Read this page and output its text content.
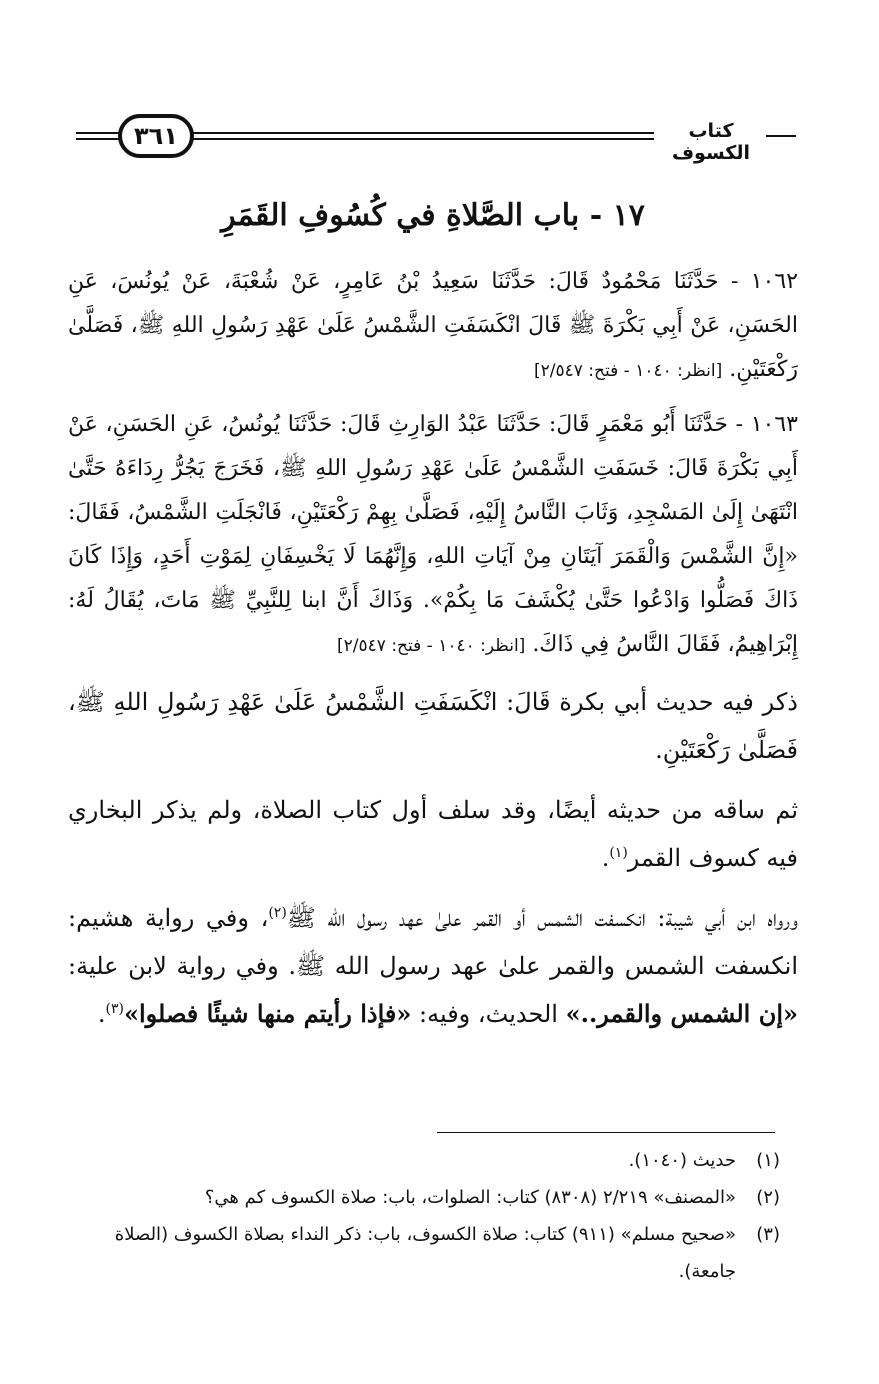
٣٦١	كتاب الكسوف
١٧ - باب الصَّلاةِ في كُسُوفِ القَمَرِ

١٠٦٢ - حَدَّثَنَا مَحْمُودٌ قَالَ: حَدَّثَنَا سَعِيدُ بْنُ عَامِرٍ، عَنْ شُعْبَةَ، عَنْ يُونُسَ، عَنِ الحَسَنِ، عَنْ أَبِي بَكْرَةَ ﷺ قَالَ انْكَسَفَتِ الشَّمْسُ عَلَىٰ عَهْدِ رَسُولِ اللهِ ﷺ، فَصَلَّىٰ رَكْعَتَيْنِ. [انظر: ١٠٤٠ - فتح: ٢/٥٤٧]

١٠٦٣ - حَدَّثَنَا أَبُو مَعْمَرٍ قَالَ: حَدَّثَنَا عَبْدُ الوَارِثِ قَالَ: حَدَّثَنَا يُونُسُ، عَنِ الحَسَنِ، عَنْ أَبِي بَكْرَةَ قَالَ: خَسَفَتِ الشَّمْسُ عَلَىٰ عَهْدِ رَسُولِ اللهِ ﷺ، فَخَرَجَ يَجُرُّ رِدَاءَهُ حَتَّىٰ انْتَهَىٰ إِلَىٰ المَسْجِدِ، وَثَابَ النَّاسُ إِلَيْهِ، فَصَلَّىٰ بِهِمْ رَكْعَتَيْنِ، فَانْجَلَتِ الشَّمْسُ، فَقَالَ: «إِنَّ الشَّمْسَ وَالْقَمَرَ آيَتَانِ مِنْ آيَاتِ اللهِ، وَإِنَّهُمَا لَا يَخْسِفَانِ لِمَوْتِ أَحَدٍ، وَإِذَا كَانَ ذَاكَ فَصَلُّوا وَادْعُوا حَتَّىٰ يُكْشَفَ مَا بِكُمْ». وَذَاكَ أَنَّ ابنا لِلنَّبِيِّ ﷺ مَاتَ، يُقَالُ لَهُ: إِبْرَاهِيمُ، فَقَالَ النَّاسُ فِي ذَاكَ. [انظر: ١٠٤٠ - فتح: ٢/٥٤٧]

ذكر فيه حديث أبي بكرة قَالَ: انْكَسَفَتِ الشَّمْسُ عَلَىٰ عَهْدِ رَسُولِ اللهِ ﷺ، فَصَلَّىٰ رَكْعَتَيْنِ.

ثم ساقه من حديثه أيضًا، وقد سلف أول كتاب الصلاة، ولم يذكر البخاري فيه كسوف القمر$^{(١)}$.

ورواه ابن أبي شيبة: انكسفت الشمس أو القمر علىٰ عهد رسول الله ﷺ$^{(٢)}$، وفي رواية هشيم: انكسفت الشمس والقمر علىٰ عهد رسول الله ﷺ. وفي رواية لابن علية: «إن الشمس والقمر..» الحديث، وفيه: «فإذا رأيتم منها شيئًا فصلوا»$^{(٣)}$.

(١)
حديث (١٠٤٠).
(٢)
«المصنف» ٢/٢١٩ (٨٣٠٨) كتاب: الصلوات، باب: صلاة الكسوف كم هي؟
(٣)
«صحيح مسلم» (٩١١) كتاب: صلاة الكسوف، باب: ذكر النداء بصلاة الكسوف (الصلاة جامعة).
